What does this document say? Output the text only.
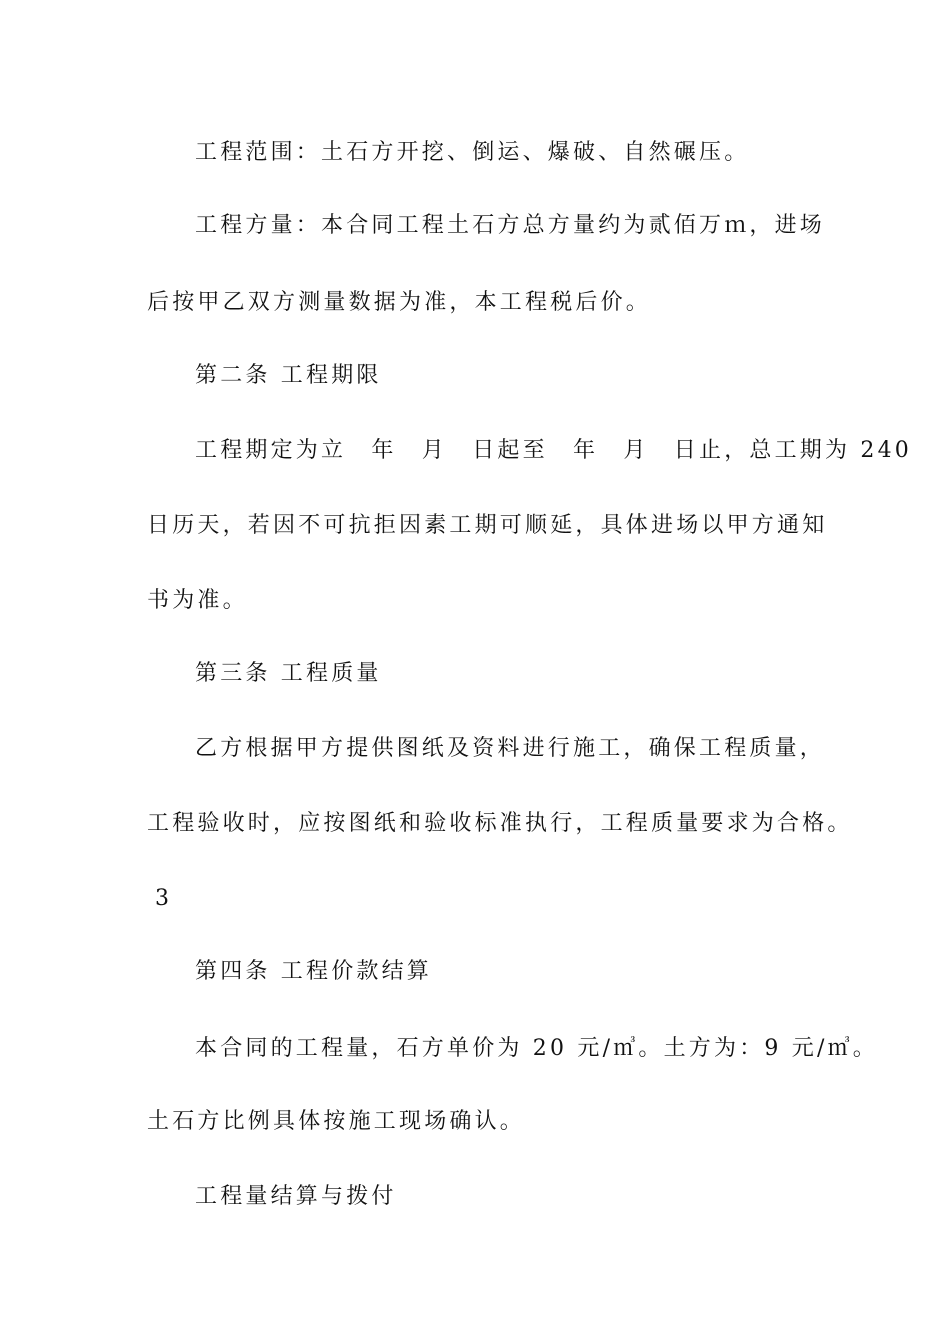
工程范围：土石方开挖、倒运、爆破、自然碾压。
工程方量：本合同工程土石方总方量约为贰佰万ｍ，进场
后按甲乙双方测量数据为准，本工程税后价。
第二条 工程期限
工程期定为立　年　月　日起至　年　月　日止，总工期为 240
日历天，若因不可抗拒因素工期可顺延，具体进场以甲方通知
书为准。
第三条 工程质量
乙方根据甲方提供图纸及资料进行施工，确保工程质量，
工程验收时，应按图纸和验收标准执行，工程质量要求为合格。
3
第四条 工程价款结算
本合同的工程量，石方单价为 20 元/㎥。土方为：9 元/㎥。
土石方比例具体按施工现场确认。
工程量结算与拨付
